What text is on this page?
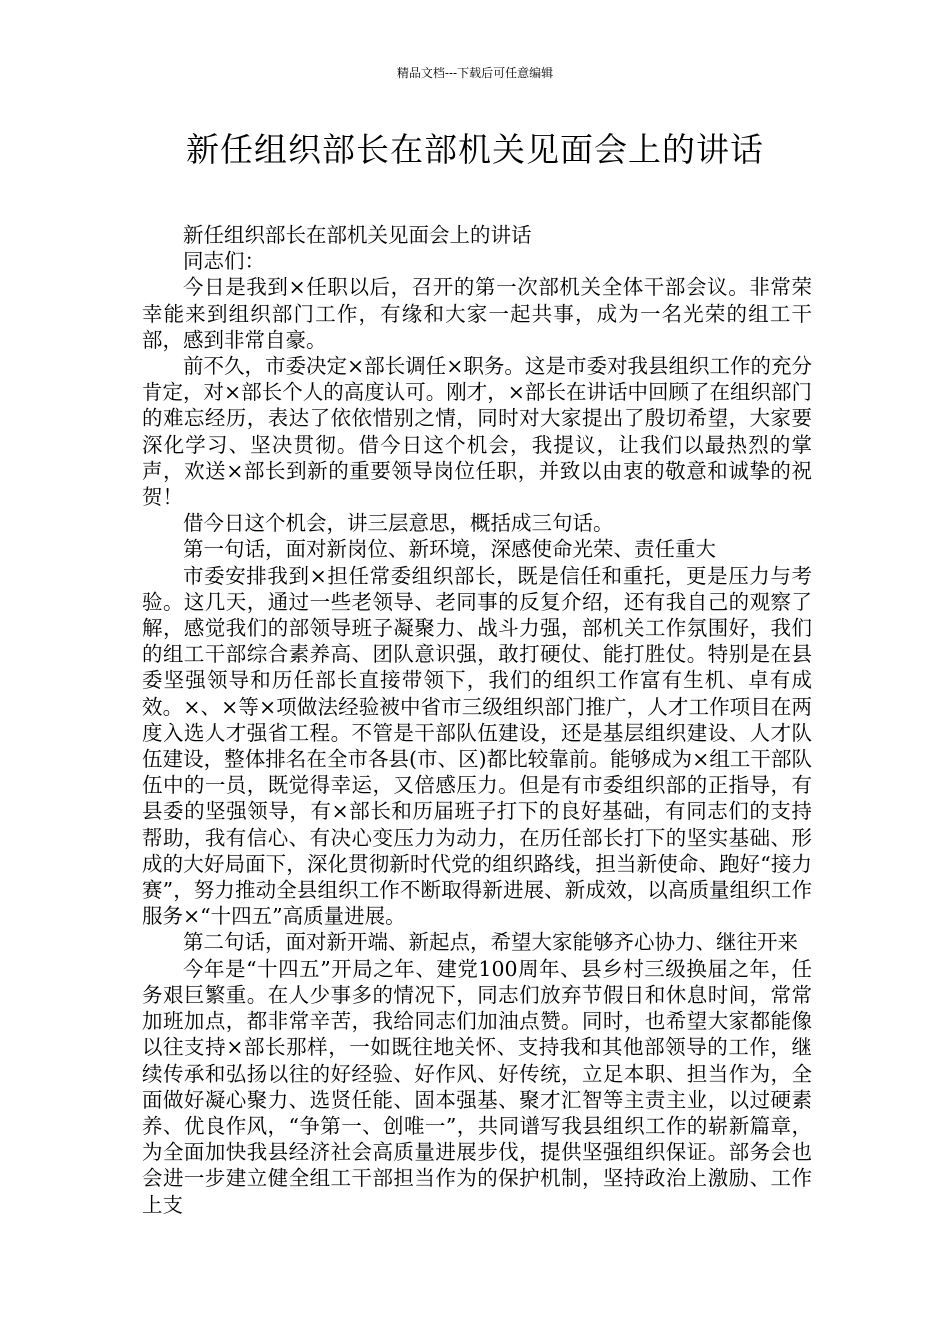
精品文档---下载后可任意编辑
新任组织部长在部机关见面会上的讲话

新任组织部长在部机关见面会上的讲话

同志们：

今日是我到×任职以后，召开的第一次部机关全体干部会议。非常荣幸能来到组织部门工作，有缘和大家一起共事，成为一名光荣的组工干部，感到非常自豪。

前不久，市委决定×部长调任×职务。这是市委对我县组织工作的充分肯定，对×部长个人的高度认可。刚才，×部长在讲话中回顾了在组织部门的难忘经历，表达了依依惜别之情，同时对大家提出了殷切希望，大家要深化学习、坚决贯彻。借今日这个机会，我提议，让我们以最热烈的掌声，欢送×部长到新的重要领导岗位任职，并致以由衷的敬意和诚挚的祝贺！

借今日这个机会，讲三层意思，概括成三句话。

第一句话，面对新岗位、新环境，深感使命光荣、责任重大

市委安排我到×担任常委组织部长，既是信任和重托，更是压力与考验。这几天，通过一些老领导、老同事的反复介绍，还有我自己的观察了解，感觉我们的部领导班子凝聚力、战斗力强，部机关工作氛围好，我们的组工干部综合素养高、团队意识强，敢打硬仗、能打胜仗。特别是在县委坚强领导和历任部长直接带领下，我们的组织工作富有生机、卓有成效。×、×等×项做法经验被中省市三级组织部门推广，人才工作项目在两度入选人才强省工程。不管是干部队伍建设，还是基层组织建设、人才队伍建设，整体排名在全市各县(市、区)都比较靠前。能够成为×组工干部队伍中的一员，既觉得幸运，又倍感压力。但是有市委组织部的正指导，有县委的坚强领导，有×部长和历届班子打下的良好基础，有同志们的支持帮助，我有信心、有决心变压力为动力，在历任部长打下的坚实基础、形成的大好局面下，深化贯彻新时代党的组织路线，担当新使命、跑好“接力赛”，努力推动全县组织工作不断取得新进展、新成效，以高质量组织工作服务×“十四五”高质量进展。

第二句话，面对新开端、新起点，希望大家能够齐心协力、继往开来

今年是“十四五”开局之年、建党100周年、县乡村三级换届之年，任务艰巨繁重。在人少事多的情况下，同志们放弃节假日和休息时间，常常加班加点，都非常辛苦，我给同志们加油点赞。同时，也希望大家都能像以往支持×部长那样，一如既往地关怀、支持我和其他部领导的工作，继续传承和弘扬以往的好经验、好作风、好传统，立足本职、担当作为，全面做好凝心聚力、选贤任能、固本强基、聚才汇智等主责主业，以过硬素养、优良作风，“争第一、创唯一”，共同谱写我县组织工作的崭新篇章，为全面加快我县经济社会高质量进展步伐，提供坚强组织保证。部务会也会进一步建立健全组工干部担当作为的保护机制，坚持政治上激励、工作上支
